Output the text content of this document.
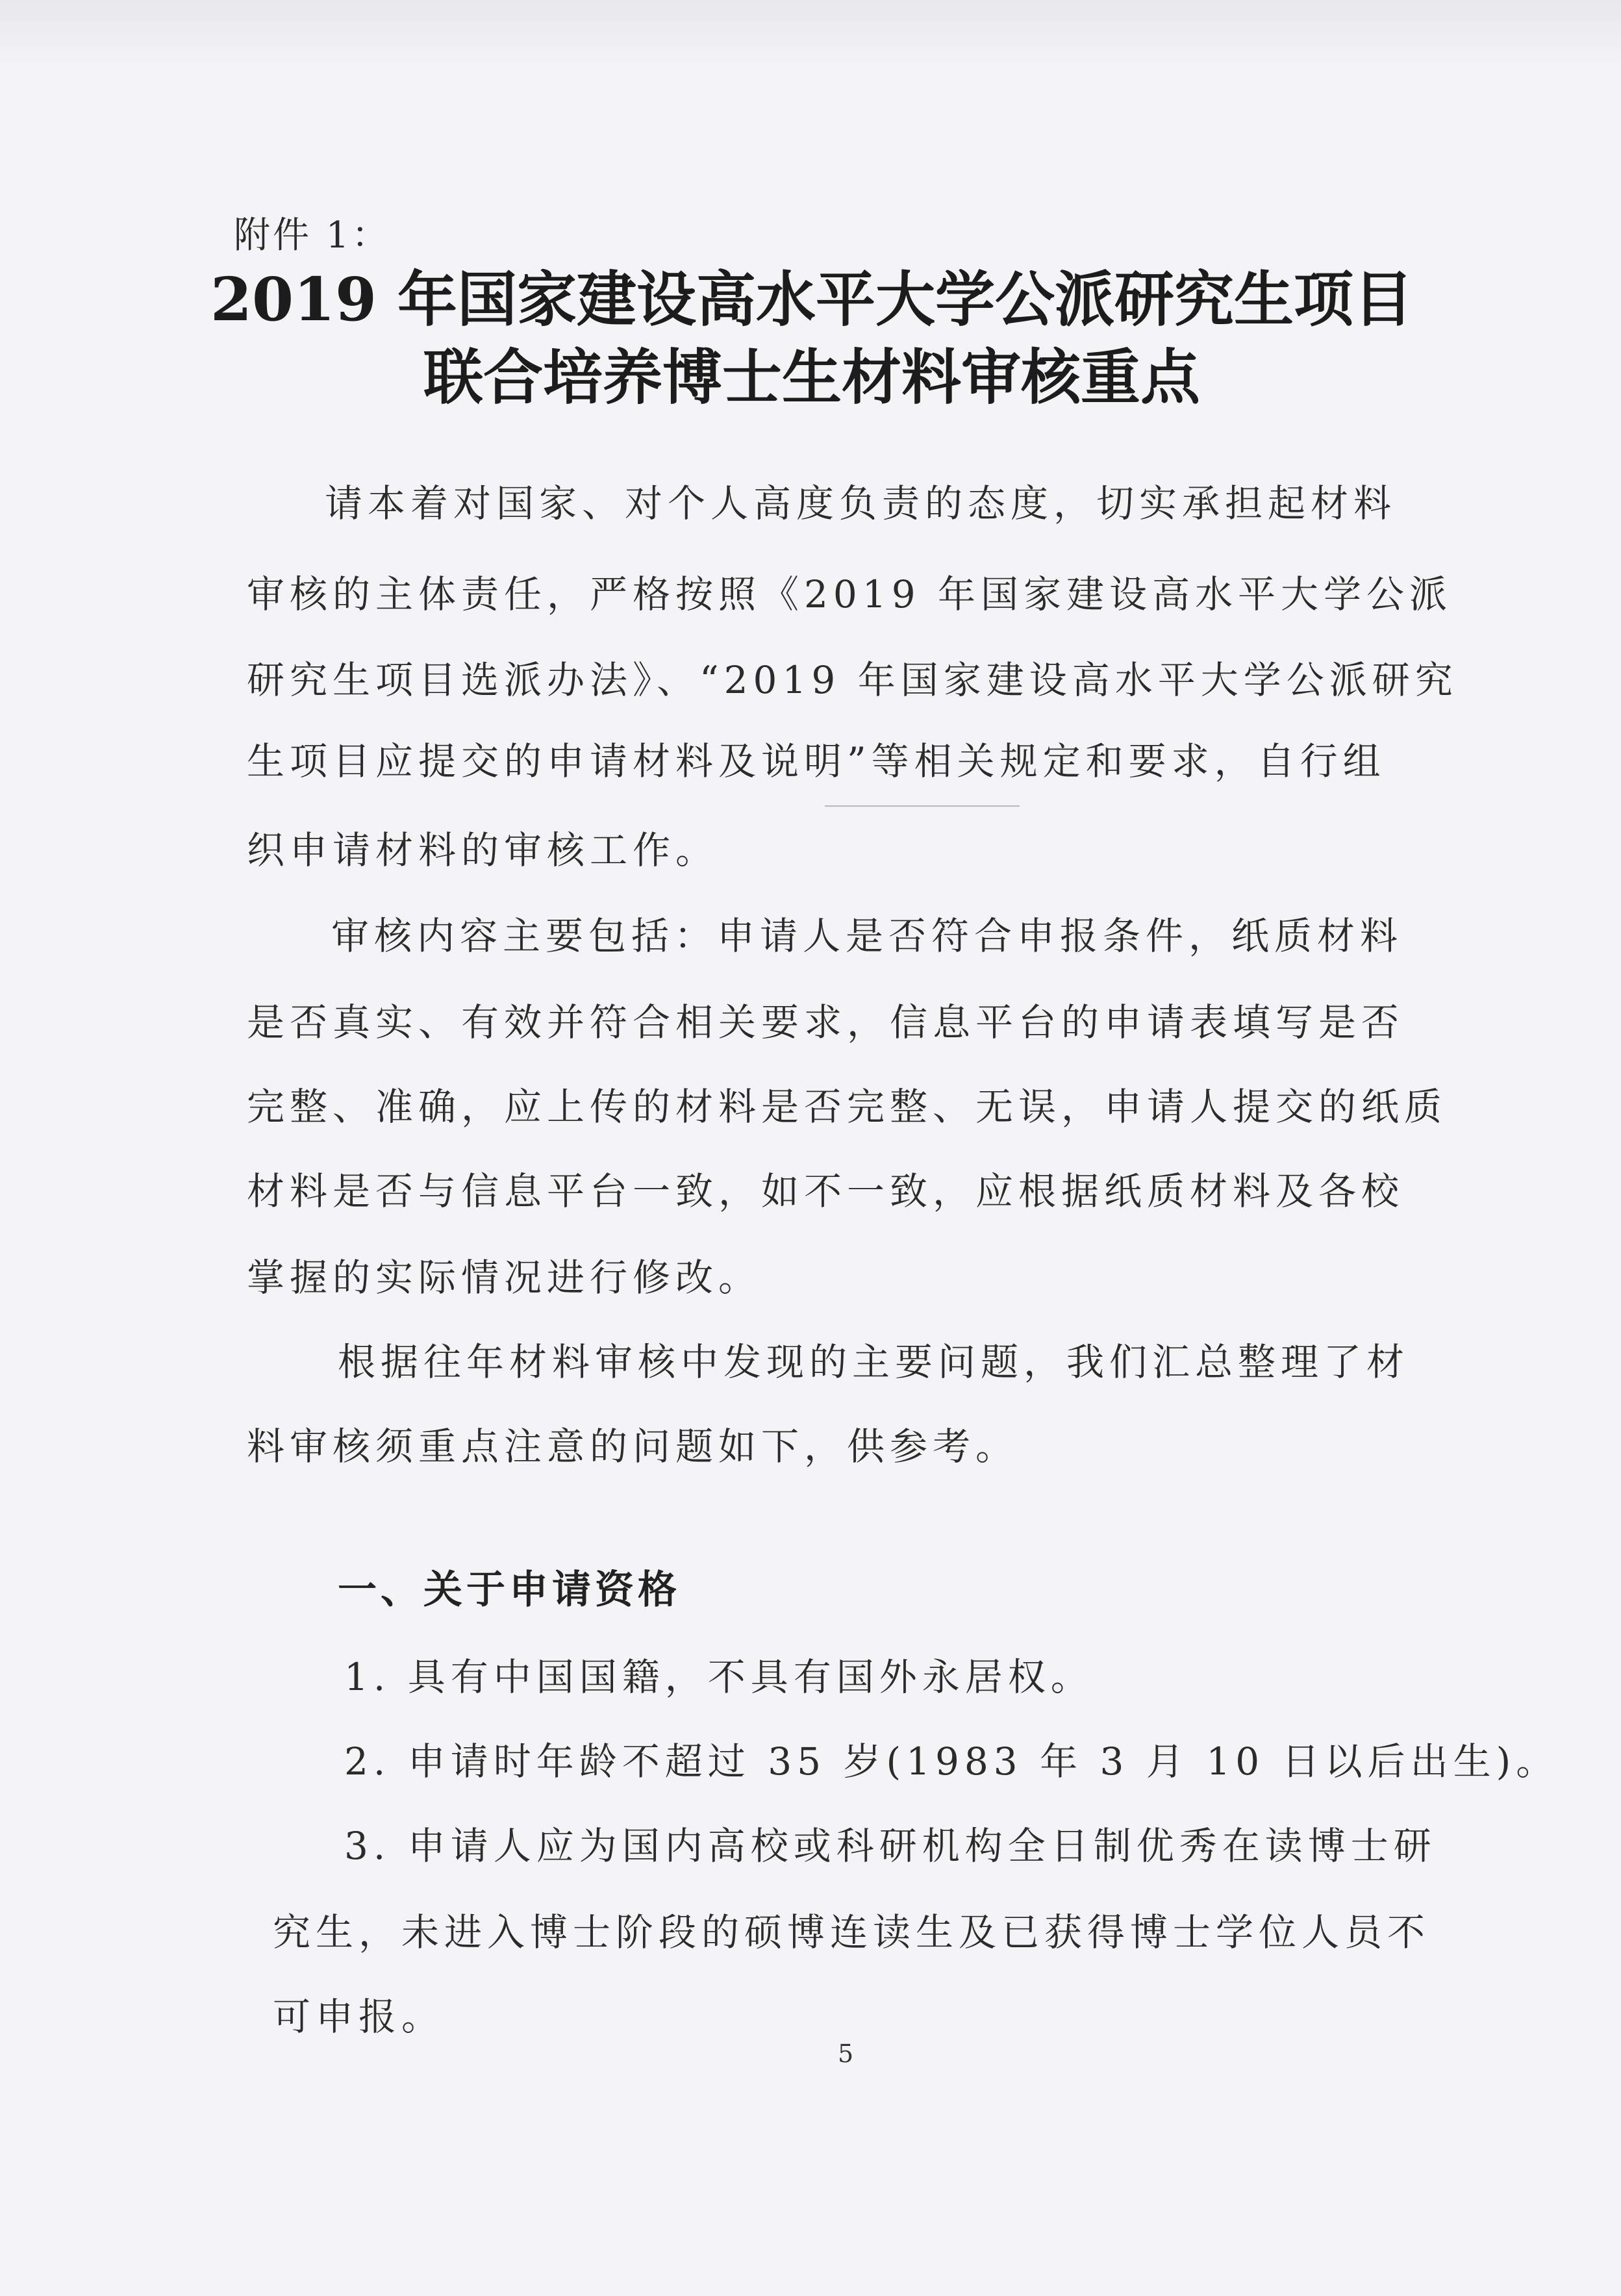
附件 1：
2019 年国家建设高水平大学公派研究生项目
联合培养博士生材料审核重点
请本着对国家、对个人高度负责的态度，切实承担起材料
审核的主体责任，严格按照《2019 年国家建设高水平大学公派
研究生项目选派办法》、“2019 年国家建设高水平大学公派研究
生项目应提交的申请材料及说明”等相关规定和要求，自行组
织申请材料的审核工作。
审核内容主要包括：申请人是否符合申报条件，纸质材料
是否真实、有效并符合相关要求，信息平台的申请表填写是否
完整、准确，应上传的材料是否完整、无误，申请人提交的纸质
材料是否与信息平台一致，如不一致，应根据纸质材料及各校
掌握的实际情况进行修改。
根据往年材料审核中发现的主要问题，我们汇总整理了材
料审核须重点注意的问题如下，供参考。
一、关于申请资格
1. 具有中国国籍，不具有国外永居权。
2. 申请时年龄不超过 35 岁(1983 年 3 月 10 日以后出生)。
3. 申请人应为国内高校或科研机构全日制优秀在读博士研
究生，未进入博士阶段的硕博连读生及已获得博士学位人员不
可申报。
5
